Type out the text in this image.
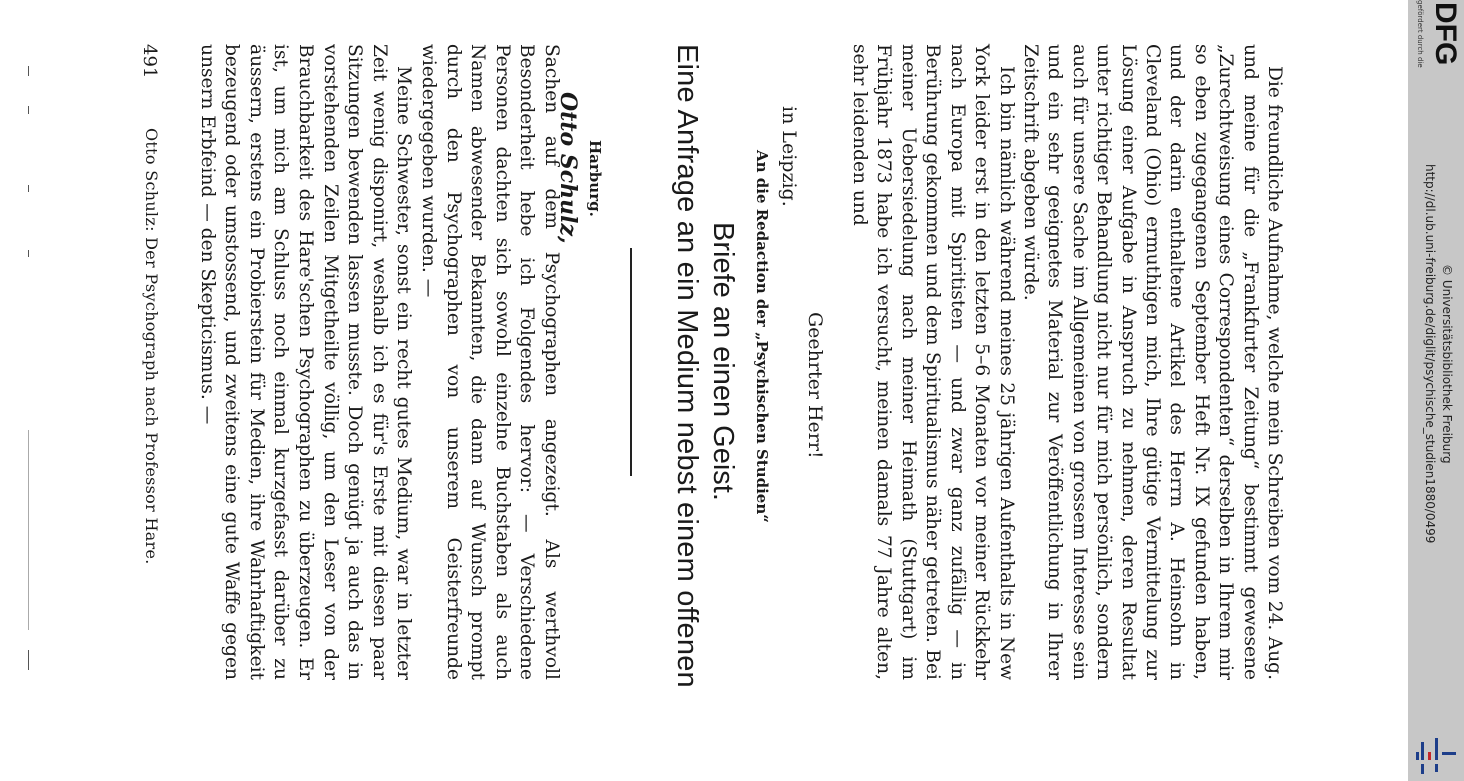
Otto Schulz: Der Psychograph nach Professor Hare.
491	Sachen auf dem Psychographen angezeigt. Als werthvoll Besonderheit hebe ich Folgendes hervor: — Verschiedene Personen dachten sich sowohl einzelne Buchstaben als auch Namen abwesender Bekannten, die dann auf Wunsch prompt durch den Psychographen von unserem Geisterfreunde wiedergegeben wurden. —

Meine Schwester, sonst ein recht gutes Medium, war in letzter Zeit wenig disponirt, weshalb ich es für's Erste mit diesen paar Sitzungen bewenden lassen musste. Doch genügt ja auch das in vorstehenden Zeilen Mitgetheilte völlig, um den Leser von der Brauchbarkeit des Hare'schen Psychographen zu überzeugen. Er ist, um mich am Schluss noch einmal kurzgefasst darüber zu äussern, erstens ein Probierstein für Medien, ihre Wahrhaftigkeit bezeugend oder umstossend, und zweitens eine gute Waffe gegen unsern Erbfeind — den Skepticismus. —	Otto Schulz, Harburg. Eine Anfrage an ein Medium nebst einem offenen Briefe an einen Geist. An die Redaction der „Psychischen Studien“ in Leipzig.
Geehrter Herr!	Die freundliche Aufnahme, welche mein Schreiben vom 24. Aug. und meine für die „Frankfurter Zeitung“ bestimmt gewesene „Zurechtweisung eines Correspondenten“ derselben in Ihrem mir so eben zugegangenen September Heft Nr. IX gefunden haben, und der darin enthaltene Artikel des Herrn A. Heinsohn in Cleveland (Ohio) ermuthigen mich, Ihre gütige Vermittelung zur Lösung einer Aufgabe in Anspruch zu nehmen, deren Resultat unter richtiger Behandlung nicht nur für mich persönlich, sondern auch für unsere Sache im Allgemeinen von grossem Interesse sein und ein sehr geeignetes Material zur Veröffentlichung in Ihrer Zeitschrift abgeben würde.

Ich bin nämlich während meines 25 jährigen Aufenthalts in New York leider erst in den letzten 5–6 Monaten vor meiner Rückkehr nach Europa mit Spiritisten — und zwar ganz zufällig — in Berührung gekommen und dem Spiritualismus näher getreten. Bei meiner Uebersiedelung nach meiner Heimath (Stuttgart) im Frühjahr 1873 habe ich versucht, meinen damals 77 Jahre alten, sehr leidenden und

http://dl.ub.uni-freiburg.de/diglit/psychische_studien1880/0499 © Universitätsbibliothek Freiburg
gefördert durch die DFG
